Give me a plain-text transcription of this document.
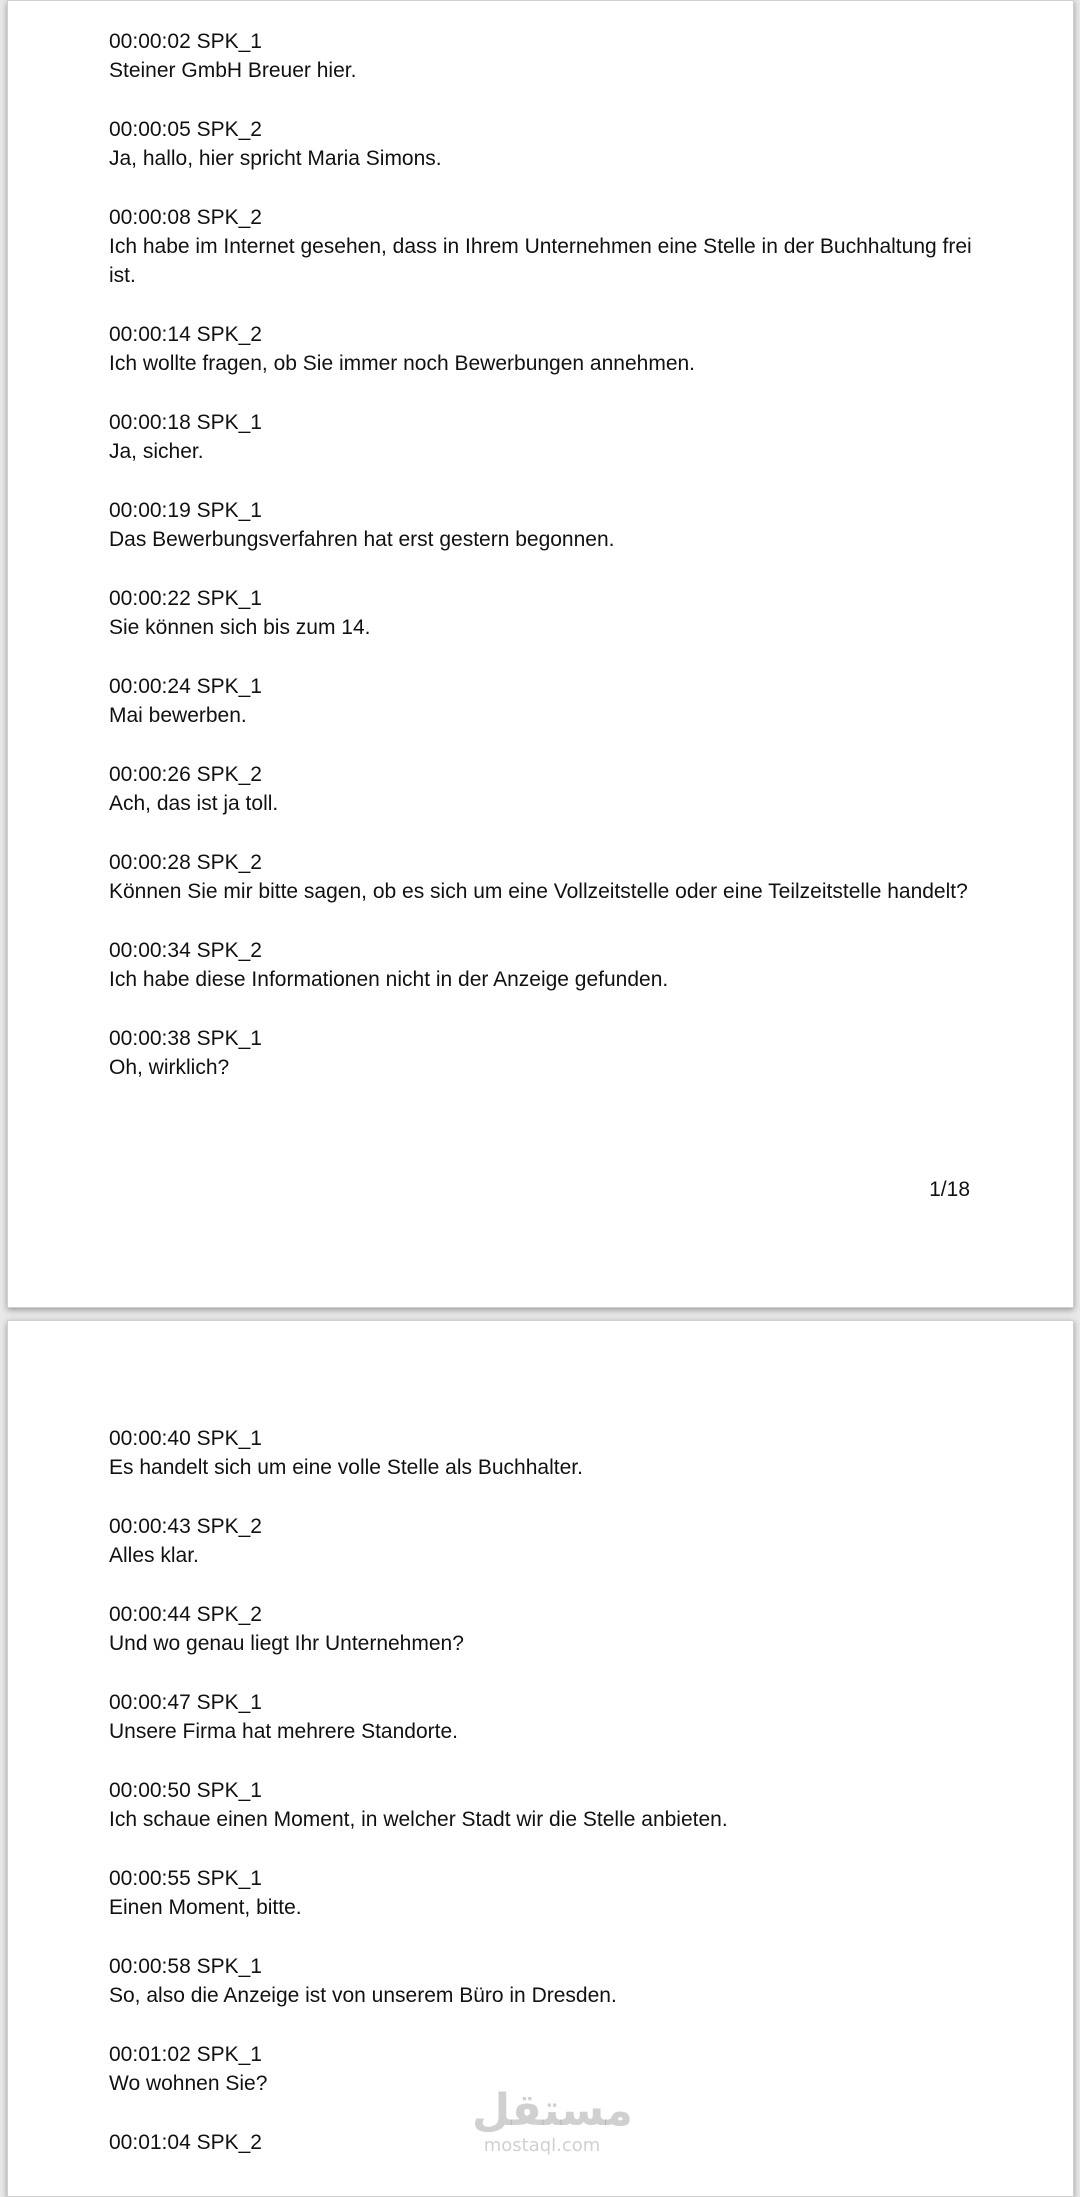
00:00:02 SPK_1
Steiner GmbH Breuer hier.
00:00:05 SPK_2
Ja, hallo, hier spricht Maria Simons.
00:00:08 SPK_2
Ich habe im Internet gesehen, dass in Ihrem Unternehmen eine Stelle in der Buchhaltung frei ist.
00:00:14 SPK_2
Ich wollte fragen, ob Sie immer noch Bewerbungen annehmen.
00:00:18 SPK_1
Ja, sicher.
00:00:19 SPK_1
Das Bewerbungsverfahren hat erst gestern begonnen.
00:00:22 SPK_1
Sie können sich bis zum 14.
00:00:24 SPK_1
Mai bewerben.
00:00:26 SPK_2
Ach, das ist ja toll.
00:00:28 SPK_2
Können Sie mir bitte sagen, ob es sich um eine Vollzeitstelle oder eine Teilzeitstelle handelt?
00:00:34 SPK_2
Ich habe diese Informationen nicht in der Anzeige gefunden.
00:00:38 SPK_1
Oh, wirklich?
1/18
00:00:40 SPK_1
Es handelt sich um eine volle Stelle als Buchhalter.
00:00:43 SPK_2
Alles klar.
00:00:44 SPK_2
Und wo genau liegt Ihr Unternehmen?
00:00:47 SPK_1
Unsere Firma hat mehrere Standorte.
00:00:50 SPK_1
Ich schaue einen Moment, in welcher Stadt wir die Stelle anbieten.
00:00:55 SPK_1
Einen Moment, bitte.
00:00:58 SPK_1
So, also die Anzeige ist von unserem Büro in Dresden.
00:01:02 SPK_1
Wo wohnen Sie?
00:01:04 SPK_2
مستقل
mostaql.com
